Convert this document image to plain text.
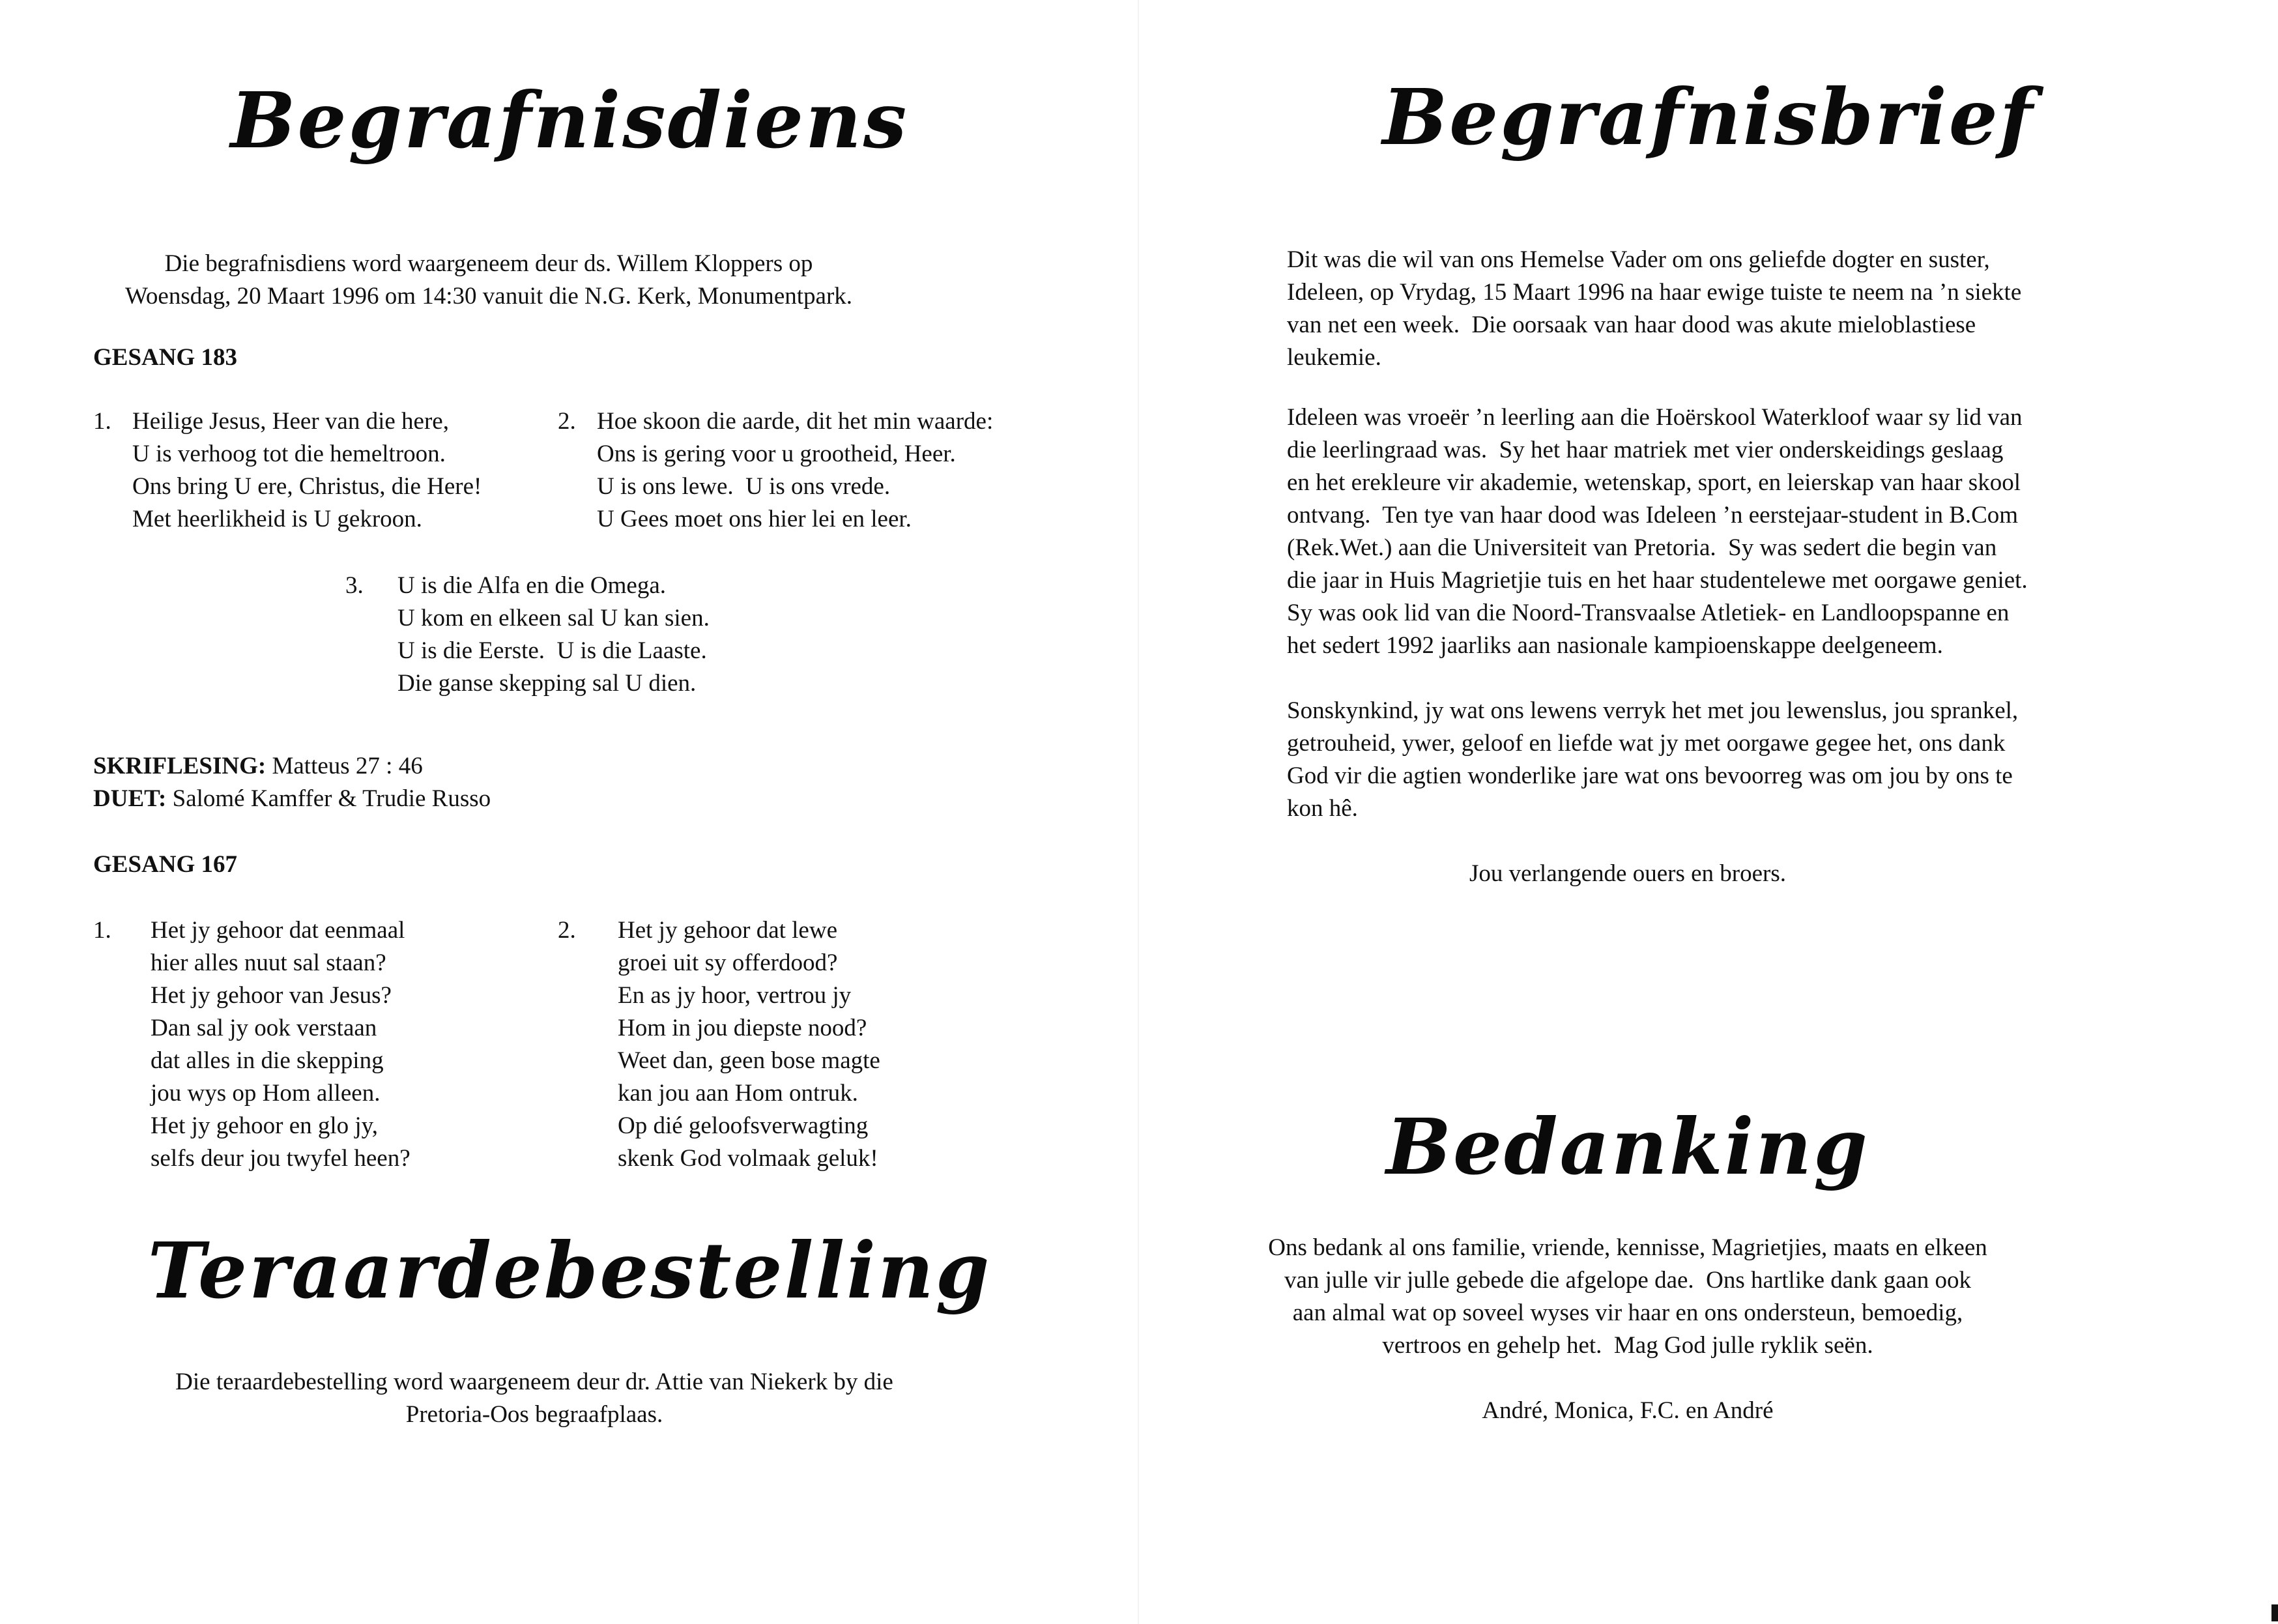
Begrafnisdiens
Die begrafnisdiens word waargeneem deur ds. Willem Kloppers op
Woensdag, 20 Maart 1996 om 14:30 vanuit die N.G. Kerk, Monumentpark.

GESANG 183

1. Heilige Jesus, Heer van die here,
U is verhoog tot die hemeltroon.
Ons bring U ere, Christus, die Here!
Met heerlikheid is U gekroon.
2. Hoe skoon die aarde, dit het min waarde:
Ons is gering voor u grootheid, Heer.
U is ons lewe.  U is ons vrede.
U Gees moet ons hier lei en leer.
3. U is die Alfa en die Omega.
U kom en elkeen sal U kan sien.
U is die Eerste.  U is die Laaste.
Die ganse skepping sal U dien.
SKRIFLESING: Matteus 27 : 46
DUET: Salomé Kamffer & Trudie Russo

GESANG 167

1. Het jy gehoor dat eenmaal
hier alles nuut sal staan?
Het jy gehoor van Jesus?
Dan sal jy ook verstaan
dat alles in die skepping
jou wys op Hom alleen.
Het jy gehoor en glo jy,
selfs deur jou twyfel heen?
2. Het jy gehoor dat lewe
groei uit sy offerdood?
En as jy hoor, vertrou jy
Hom in jou diepste nood?
Weet dan, geen bose magte
kan jou aan Hom ontruk.
Op dié geloofsverwagting
skenk God volmaak geluk!
Teraardebestelling
Die teraardebestelling word waargeneem deur dr. Attie van Niekerk by die
Pretoria-Oos begraafplaas.
Begrafnisbrief
Dit was die wil van ons Hemelse Vader om ons geliefde dogter en suster,
Ideleen, op Vrydag, 15 Maart 1996 na haar ewige tuiste te neem na ’n siekte
van net een week.  Die oorsaak van haar dood was akute mieloblastiese
leukemie.
Ideleen was vroeër ’n leerling aan die Hoërskool Waterkloof waar sy lid van
die leerlingraad was.  Sy het haar matriek met vier onderskeidings geslaag
en het erekleure vir akademie, wetenskap, sport, en leierskap van haar skool
ontvang.  Ten tye van haar dood was Ideleen ’n eerstejaar-student in B.Com
(Rek.Wet.) aan die Universiteit van Pretoria.  Sy was sedert die begin van
die jaar in Huis Magrietjie tuis en het haar studentelewe met oorgawe geniet.
Sy was ook lid van die Noord-Transvaalse Atletiek- en Landloopspanne en
het sedert 1992 jaarliks aan nasionale kampioenskappe deelgeneem.
Sonskynkind, jy wat ons lewens verryk het met jou lewenslus, jou sprankel,
getrouheid, ywer, geloof en liefde wat jy met oorgawe gegee het, ons dank
God vir die agtien wonderlike jare wat ons bevoorreg was om jou by ons te
kon hê.

Jou verlangende ouers en broers.

Bedanking
Ons bedank al ons familie, vriende, kennisse, Magrietjies, maats en elkeen
van julle vir julle gebede die afgelope dae.  Ons hartlike dank gaan ook
aan almal wat op soveel wyses vir haar en ons ondersteun, bemoedig,
vertroos en gehelp het.  Mag God julle ryklik seën.

André, Monica, F.C. en André
